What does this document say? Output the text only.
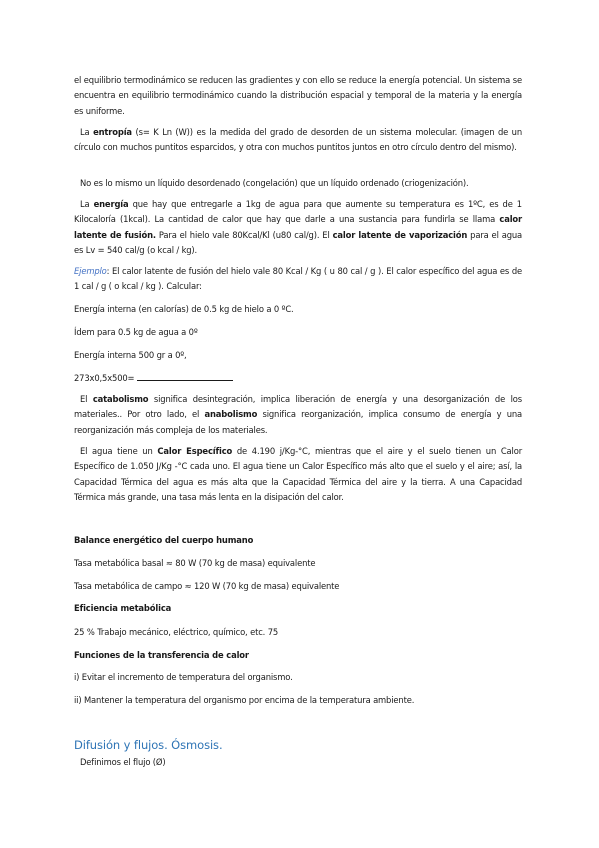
el equilibrio termodinámico se reducen las gradientes y con ello se reduce la energía potencial. Un sistema se encuentra en equilibrio termodinámico cuando la distribución espacial y temporal de la materia y la energía es uniforme.

La entropía (s= K Ln (W)) es la medida del grado de desorden de un sistema molecular. (imagen de un círculo con muchos puntitos esparcidos, y otra con muchos puntitos juntos en otro círculo dentro del mismo).

No es lo mismo un líquido desordenado (congelación) que un líquido ordenado (criogenización).

La energía que hay que entregarle a 1kg de agua para que aumente su temperatura es 1ºC, es de 1 Kilocaloría (1kcal). La cantidad de calor que hay que darle a una sustancia para fundirla se llama calor latente de fusión. Para el hielo vale 80Kcal/Kl (u80 cal/g). El calor latente de vaporización para el agua es Lv = 540 cal/g (o kcal / kg).

Ejemplo: El calor latente de fusión del hielo vale 80 Kcal / Kg ( u 80 cal / g ). El calor específico del agua es de 1 cal / g ( o kcal / kg ). Calcular:

Energía interna (en calorías) de 0.5 kg de hielo a 0 ºC.

Ídem para 0.5 kg de agua a 0º

Energía interna 500 gr a 0º,

273x0,5x500=

El catabolismo significa desintegración, implica liberación de energía y una desorganización de los materiales.. Por otro lado, el anabolismo significa reorganización, implica consumo de energía y una reorganización más compleja de los materiales.

El agua tiene un Calor Específico de 4.190 j/Kg-°C, mientras que el aire y el suelo tienen un Calor Específico de 1.050 J/Kg -°C cada uno. El agua tiene un Calor Específico más alto que el suelo y el aire; así, la Capacidad Térmica del agua es más alta que la Capacidad Térmica del aire y la tierra. A una Capacidad Térmica más grande, una tasa más lenta en la disipación del calor.

Balance energético del cuerpo humano

Tasa metabólica basal ≈ 80 W (70 kg de masa) equivalente

Tasa metabólica de campo ≈ 120 W (70 kg de masa) equivalente

Eficiencia metabólica

25 % Trabajo mecánico, eléctrico, químico, etc. 75

Funciones de la transferencia de calor

i) Evitar el incremento de temperatura del organismo.

ii) Mantener la temperatura del organismo por encima de la temperatura ambiente.

Difusión y flujos. Ósmosis.

Definimos el flujo (Ø)
